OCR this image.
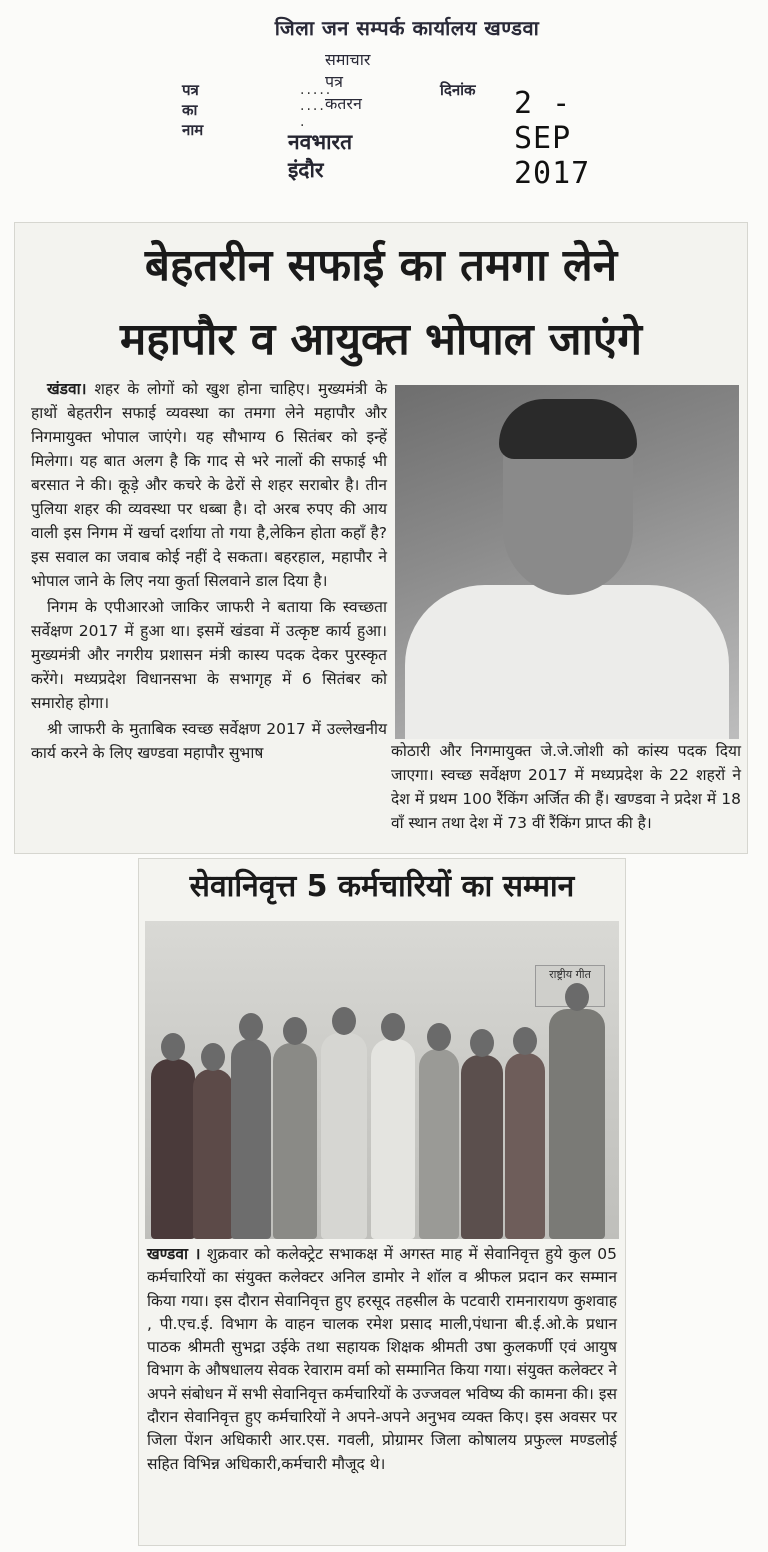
जिला जन सम्पर्क कार्यालय खण्डवा
समाचार पत्र कतरन
पत्र का नाम
..... .... .
दिनांक 2 - SEP 2017
नवभारत इंदौर
बेहतरीन सफाई का तमगा लेने
महापौर व आयुक्त भोपाल जाएंगे

खंडवा। शहर के लोगों को खुश होना चाहिए। मुख्यमंत्री के हाथों बेहतरीन सफाई व्यवस्था का तमगा लेने महापौर और निगमायुक्त भोपाल जाएंगे। यह सौभाग्य 6 सितंबर को इन्हें मिलेगा। यह बात अलग है कि गाद से भरे नालों की सफाई भी बरसात ने की। कूड़े और कचरे के ढेरों से शहर सराबोर है। तीन पुलिया शहर की व्यवस्था पर धब्बा है। दो अरब रुपए की आय वाली इस निगम में खर्चा दर्शाया तो गया है,लेकिन होता कहाँ है? इस सवाल का जवाब कोई नहीं दे सकता। बहरहाल, महापौर ने भोपाल जाने के लिए नया कुर्ता सिलवाने डाल दिया है।

निगम के एपीआरओ जाकिर जाफरी ने बताया कि स्वच्छता सर्वेक्षण 2017 में हुआ था। इसमें खंडवा में उत्कृष्ट कार्य हुआ। मुख्यमंत्री और नगरीय प्रशासन मंत्री कास्य पदक देकर पुरस्कृत करेंगे। मध्यप्रदेश विधानसभा के सभागृह में 6 सितंबर को समारोह होगा।

श्री जाफरी के मुताबिक स्वच्छ सर्वेक्षण 2017 में उल्लेखनीय कार्य करने के लिए खण्डवा महापौर सुभाष	कोठारी और निगमायुक्त जे.जे.जोशी को कांस्य पदक दिया जाएगा। स्वच्छ सर्वेक्षण 2017 में मध्यप्रदेश के 22 शहरों ने देश में प्रथम 100 रैंकिंग अर्जित की हैं। खण्डवा ने प्रदेश में 18 वाँ स्थान तथा देश में 73 वीं रैंकिंग प्राप्त की है।
सेवानिवृत्त 5 कर्मचारियों का सम्मान
राष्ट्रीय गीत
खण्डवा । शुक्रवार को कलेक्ट्रेट सभाकक्ष में अगस्त माह में सेवानिवृत्त हुये कुल 05 कर्मचारियों का संयुक्त कलेक्टर अनिल डामोर ने शॉल व श्रीफल प्रदान कर सम्मान किया गया। इस दौरान सेवानिवृत्त हुए हरसूद तहसील के पटवारी रामनारायण कुशवाह , पी.एच.ई. विभाग के वाहन चालक रमेश प्रसाद माली,पंधाना बी.ई.ओ.के प्रधान पाठक श्रीमती सुभद्रा उईके तथा सहायक शिक्षक श्रीमती उषा कुलकर्णी एवं आयुष विभाग के औषधालय सेवक रेवाराम वर्मा को सम्मानित किया गया। संयुक्त कलेक्टर ने अपने संबोधन में सभी सेवानिवृत्त कर्मचारियों के उज्जवल भविष्य की कामना की। इस दौरान सेवानिवृत्त हुए कर्मचारियों ने अपने-अपने अनुभव व्यक्त किए। इस अवसर पर जिला पेंशन अधिकारी आर.एस. गवली, प्रोग्रामर जिला कोषालय प्रफुल्ल मण्डलोई सहित विभिन्न अधिकारी,कर्मचारी मौजूद थे।
